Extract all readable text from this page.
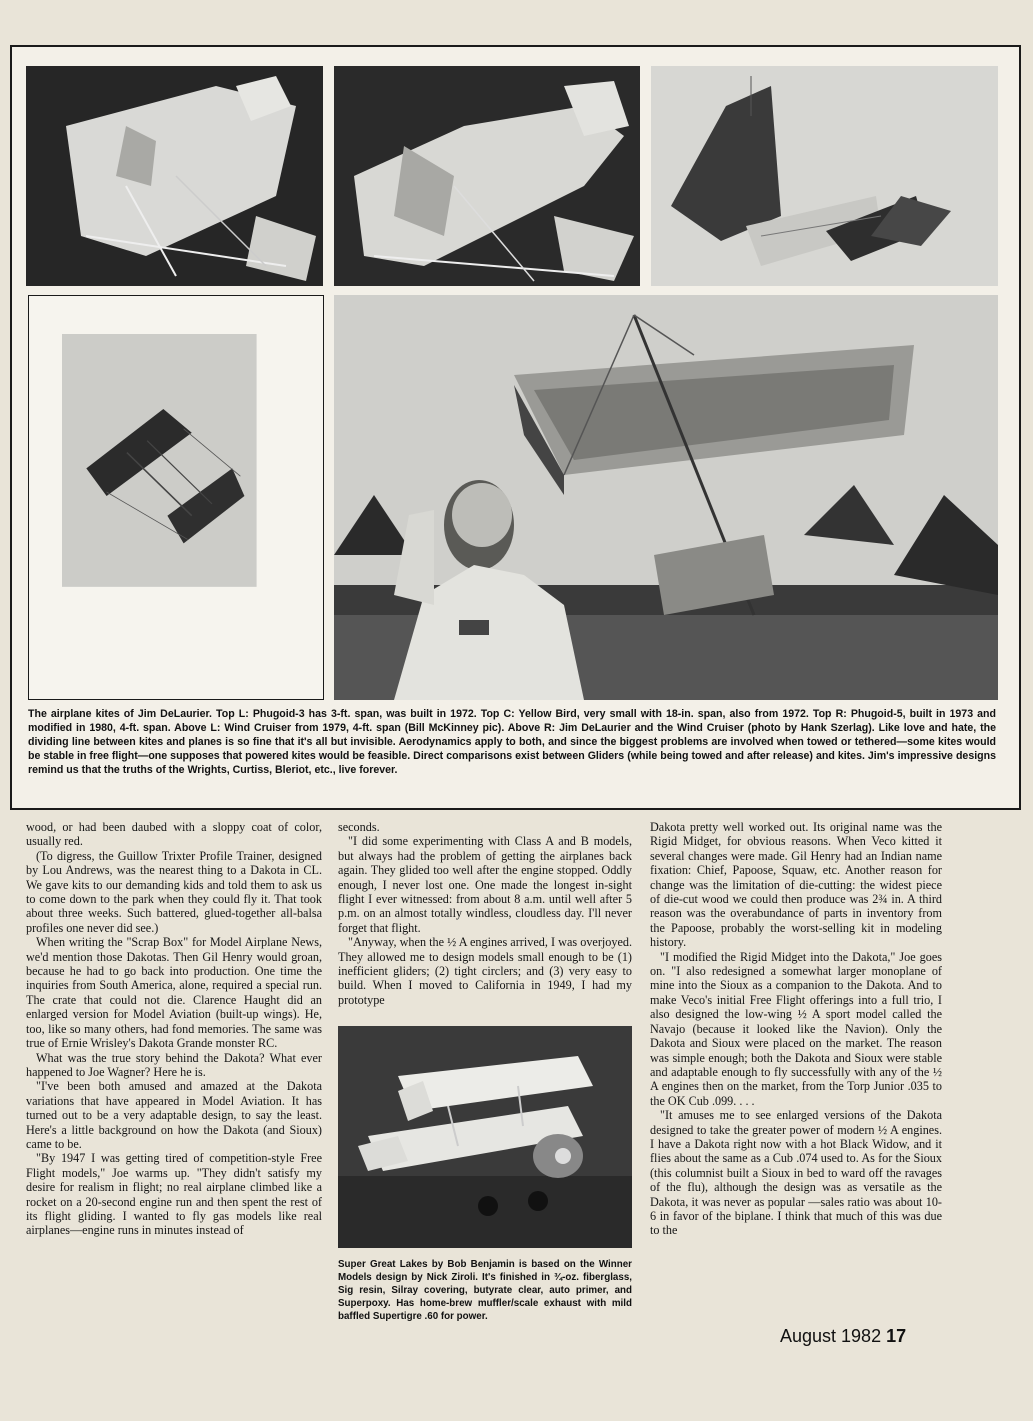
The airplane kites of Jim DeLaurier. Top L: Phugoid-3 has 3-ft. span, was built in 1972. Top C: Yellow Bird, very small with 18-in. span, also from 1972. Top R: Phugoid-5, built in 1973 and modified in 1980, 4-ft. span. Above L: Wind Cruiser from 1979, 4-ft. span (Bill McKinney pic). Above R: Jim DeLaurier and the Wind Cruiser (photo by Hank Szerlag). Like love and hate, the dividing line between kites and planes is so fine that it's all but invisible. Aerodynamics apply to both, and since the biggest problems are involved when towed or tethered—some kites would be stable in free flight—one supposes that powered kites would be feasible. Direct comparisons exist between Gliders (while being towed and after release) and kites. Jim's impressive designs remind us that the truths of the Wrights, Curtiss, Bleriot, etc., live forever.

wood, or had been daubed with a sloppy coat of color, usually red.

(To digress, the Guillow Trixter Profile Trainer, designed by Lou Andrews, was the nearest thing to a Dakota in CL. We gave kits to our demanding kids and told them to ask us to come down to the park when they could fly it. That took about three weeks. Such battered, glued-together all-balsa profiles one never did see.)

When writing the "Scrap Box" for Model Airplane News, we'd mention those Dakotas. Then Gil Henry would groan, because he had to go back into production. One time the inquiries from South America, alone, required a special run. The crate that could not die. Clarence Haught did an enlarged version for Model Aviation (built-up wings). He, too, like so many others, had fond memories. The same was true of Ernie Wrisley's Dakota Grande monster RC.

What was the true story behind the Dakota? What ever happened to Joe Wagner? Here he is.

"I've been both amused and amazed at the Dakota variations that have appeared in Model Aviation. It has turned out to be a very adaptable design, to say the least. Here's a little background on how the Dakota (and Sioux) came to be.

"By 1947 I was getting tired of competition-style Free Flight models," Joe warms up. "They didn't satisfy my desire for realism in flight; no real airplane climbed like a rocket on a 20-second engine run and then spent the rest of its flight gliding. I wanted to fly gas models like real airplanes—engine runs in minutes instead of

seconds.

"I did some experimenting with Class A and B models, but always had the problem of getting the airplanes back again. They glided too well after the engine stopped. Oddly enough, I never lost one. One made the longest in-sight flight I ever witnessed: from about 8 a.m. until well after 5 p.m. on an almost totally windless, cloudless day. I'll never forget that flight.

"Anyway, when the ½ A engines arrived, I was overjoyed. They allowed me to design models small enough to be (1) inefficient gliders; (2) tight circlers; and (3) very easy to build. When I moved to California in 1949, I had my prototype

Super Great Lakes by Bob Benjamin is based on the Winner Models design by Nick Ziroli. It's finished in ¾-oz. fiberglass, Sig resin, Silray covering, butyrate clear, auto primer, and Superpoxy. Has home-brew muffler/scale exhaust with mild baffled Supertigre .60 for power.

Dakota pretty well worked out. Its original name was the Rigid Midget, for obvious reasons. When Veco kitted it several changes were made. Gil Henry had an Indian name fixation: Chief, Papoose, Squaw, etc. Another reason for change was the limitation of die-cutting: the widest piece of die-cut wood we could then produce was 2¾ in. A third reason was the overabundance of parts in inventory from the Papoose, probably the worst-selling kit in modeling history.

"I modified the Rigid Midget into the Dakota," Joe goes on. "I also redesigned a somewhat larger monoplane of mine into the Sioux as a companion to the Dakota. And to make Veco's initial Free Flight offerings into a full trio, I also designed the low-wing ½ A sport model called the Navajo (because it looked like the Navion). Only the Dakota and Sioux were placed on the market. The reason was simple enough; both the Dakota and Sioux were stable and adaptable enough to fly successfully with any of the ½ A engines then on the market, from the Torp Junior .035 to the OK Cub .099. . . .

"It amuses me to see enlarged versions of the Dakota designed to take the greater power of modern ½ A engines. I have a Dakota right now with a hot Black Widow, and it flies about the same as a Cub .074 used to. As for the Sioux (this columnist built a Sioux in bed to ward off the ravages of the flu), although the design was as versatile as the Dakota, it was never as popular —sales ratio was about 10-6 in favor of the biplane. I think that much of this was due to the

August 1982 17
